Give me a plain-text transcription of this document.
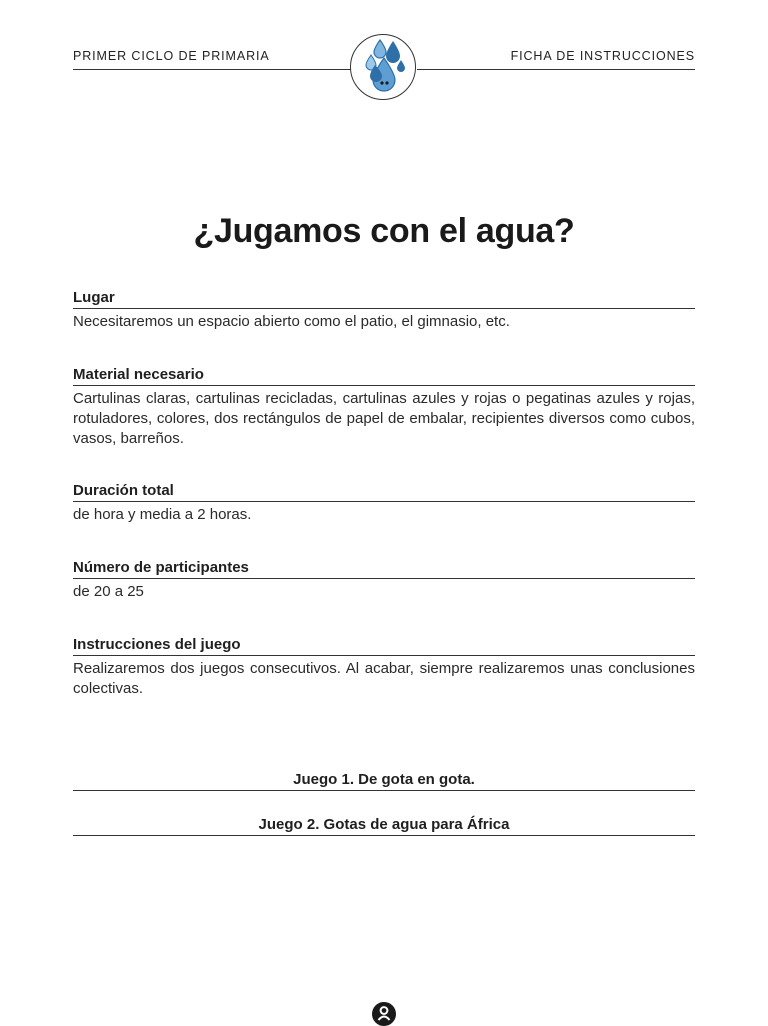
PRIMER CICLO DE PRIMARIA	FICHA DE INSTRUCCIONES
¿Jugamos con el agua?
Lugar
Necesitaremos un espacio abierto como el patio, el gimnasio, etc.
Material necesario
Cartulinas claras, cartulinas recicladas, cartulinas azules y rojas o pegatinas azules y rojas, rotuladores, colores, dos rectángulos de papel de embalar, recipientes diversos como cubos, vasos, barreños.
Duración total
de hora y media a 2 horas.
Número de participantes
de 20 a 25
Instrucciones del juego
Realizaremos dos juegos consecutivos. Al acabar, siempre realizaremos unas conclusiones colectivas.
Juego 1. De gota en gota.
Juego 2. Gotas de agua para África
